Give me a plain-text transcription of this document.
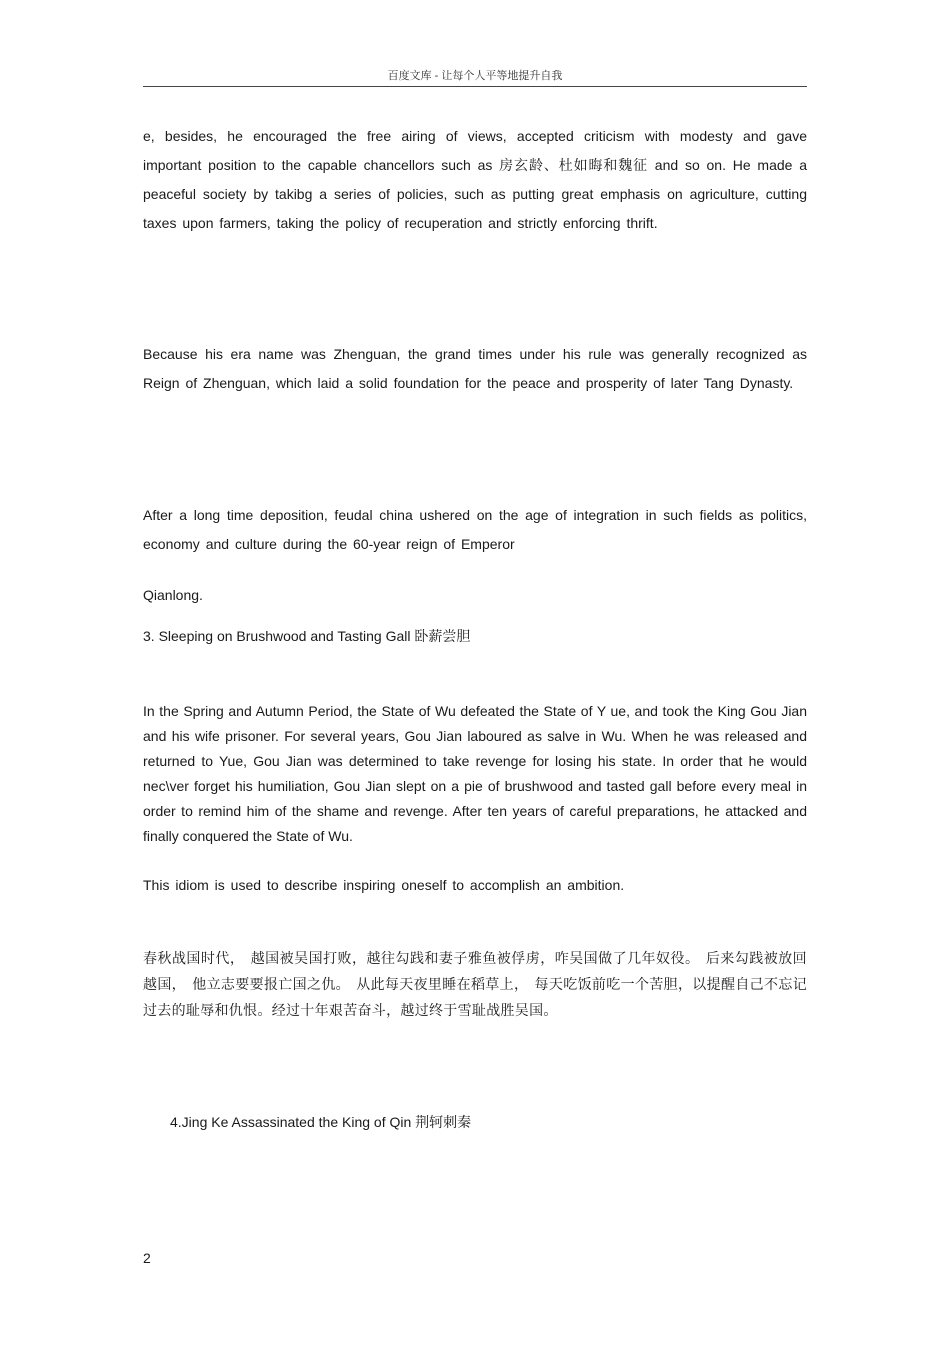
百度文库 - 让每个人平等地提升自我

e, besides, he encouraged the free airing of views, accepted criticism with modesty and gave important position to the capable chancellors such as 房玄龄、杜如晦和魏征 and so on. He made a peaceful society by takibg a series of policies, such as putting great emphasis on agriculture, cutting taxes upon farmers, taking the policy of recuperation and strictly enforcing thrift.

Because his era name was Zhenguan, the grand times under his rule was generally recognized as Reign of Zhenguan, which laid a solid foundation for the peace and prosperity of later Tang Dynasty.

After a long time deposition, feudal china ushered on the age of integration in such fields as politics, economy and culture during the 60-year reign of Emperor

Qianlong.

3. Sleeping on Brushwood and Tasting Gall 卧薪尝胆

In the Spring and Autumn Period, the State of Wu defeated the State of Y ue, and took the King Gou Jian and his wife prisoner. For several years, Gou Jian laboured as salve in Wu. When he was released and returned to Yue, Gou Jian was determined to take revenge for losing his state. In order that he would nec\ver forget his humiliation, Gou Jian slept on a pie of brushwood and tasted gall before every meal in order to remind him of the shame and revenge. After ten years of careful preparations, he attacked and finally conquered the State of Wu.

This idiom is used to describe inspiring oneself to accomplish an ambition.

春秋战国时代， 越国被吴国打败，越往勾践和妻子雅鱼被俘虏，咋吴国做了几年奴役。 后来勾践被放回越国， 他立志要要报亡国之仇。 从此每天夜里睡在稻草上， 每天吃饭前吃一个苦胆，以提醒自己不忘记过去的耻辱和仇恨。经过十年艰苦奋斗，越过终于雪耻战胜吴国。

4.Jing Ke Assassinated the King of Qin 荆轲刺秦
2
